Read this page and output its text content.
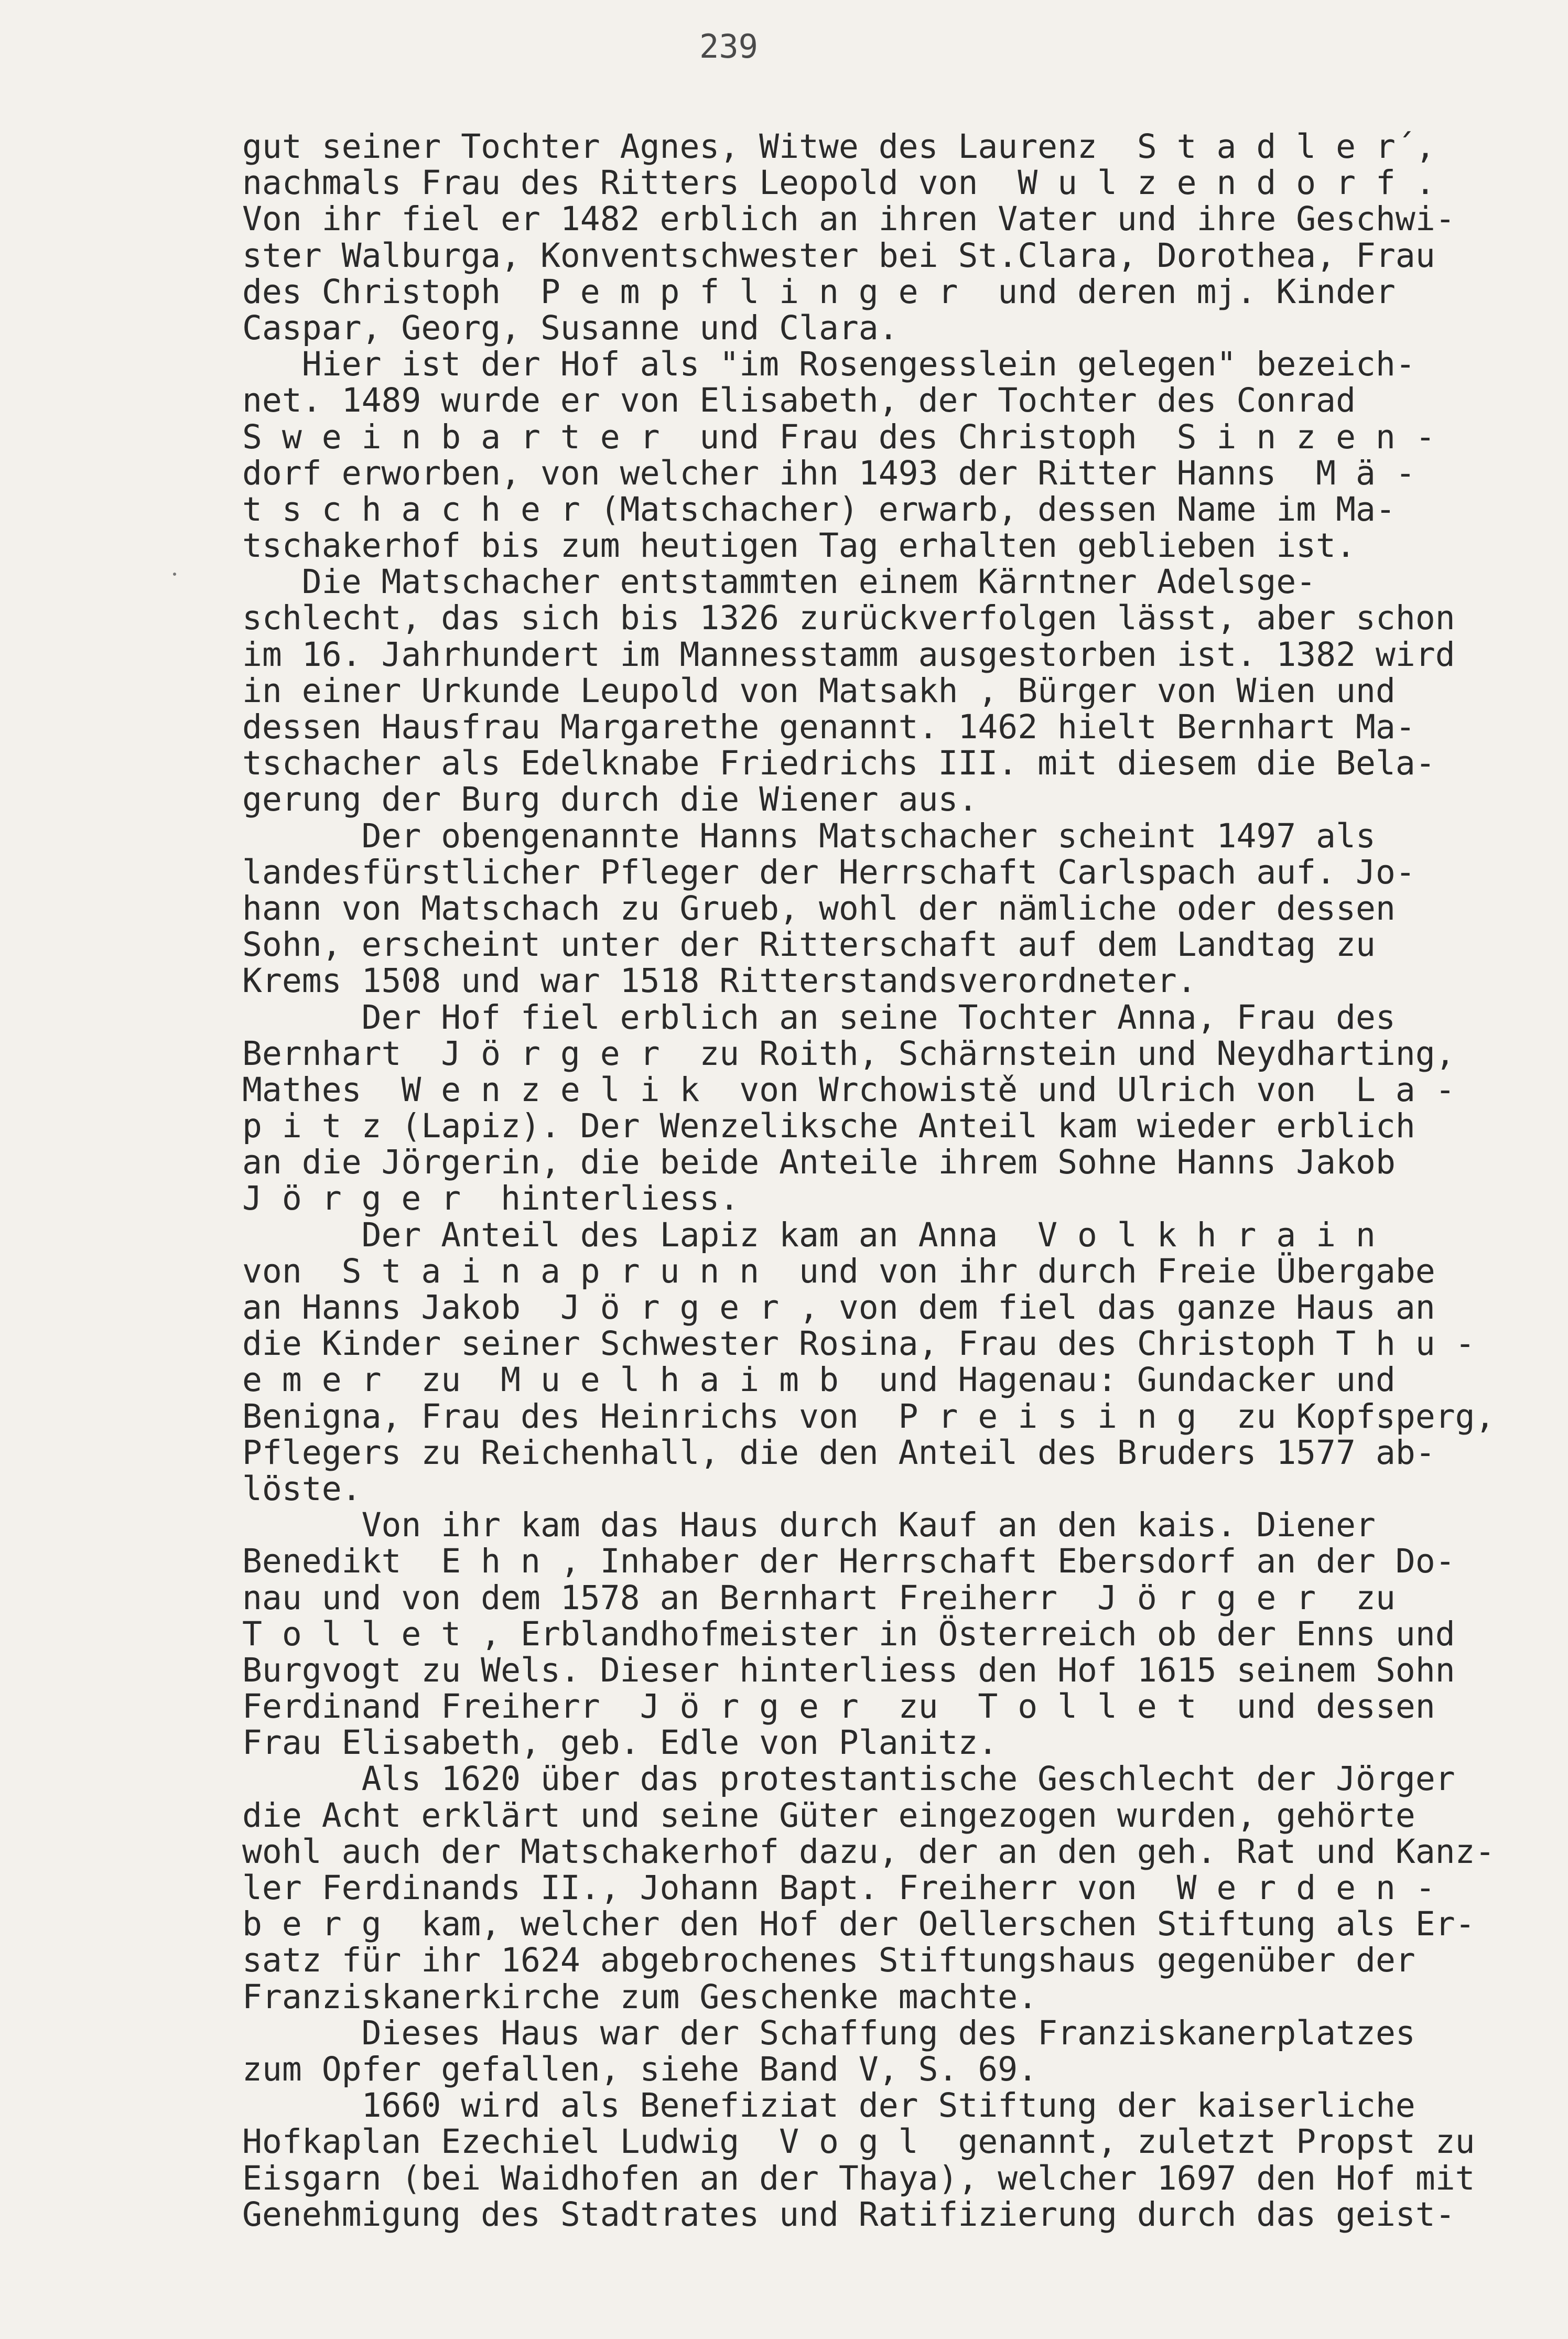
239
gut seiner Tochter Agnes, Witwe des Laurenz  S t a d l e r´,
nachmals Frau des Ritters Leopold von  W u l z e n d o r f .
Von ihr fiel er 1482 erblich an ihren Vater und ihre Geschwi-
ster Walburga, Konventschwester bei St.Clara, Dorothea, Frau
des Christoph  P e m p f l i n g e r  und deren mj. Kinder
Caspar, Georg, Susanne und Clara.
Hier ist der Hof als "im Rosengesslein gelegen" bezeich-
net. 1489 wurde er von Elisabeth, der Tochter des Conrad
S w e i n b a r t e r  und Frau des Christoph  S i n z e n -
dorf erworben, von welcher ihn 1493 der Ritter Hanns  M ä -
t s c h a c h e r (Matschacher) erwarb, dessen Name im Ma-
tschakerhof bis zum heutigen Tag erhalten geblieben ist.
Die Matschacher entstammten einem Kärntner Adelsge-
schlecht, das sich bis 1326 zurückverfolgen lässt, aber schon
im 16. Jahrhundert im Mannesstamm ausgestorben ist. 1382 wird
in einer Urkunde Leupold von Matsakh , Bürger von Wien und
dessen Hausfrau Margarethe genannt. 1462 hielt Bernhart Ma-
tschacher als Edelknabe Friedrichs III. mit diesem die Bela-
gerung der Burg durch die Wiener aus.
Der obengenannte Hanns Matschacher scheint 1497 als
landesfürstlicher Pfleger der Herrschaft Carlspach auf. Jo-
hann von Matschach zu Grueb, wohl der nämliche oder dessen
Sohn, erscheint unter der Ritterschaft auf dem Landtag zu
Krems 1508 und war 1518 Ritterstandsverordneter.
Der Hof fiel erblich an seine Tochter Anna, Frau des
Bernhart  J ö r g e r  zu Roith, Schärnstein und Neydharting,
Mathes  W e n z e l i k  von Wrchowistě und Ulrich von  L a -
p i t z (Lapiz). Der Wenzeliksche Anteil kam wieder erblich
an die Jörgerin, die beide Anteile ihrem Sohne Hanns Jakob
J ö r g e r  hinterliess.
Der Anteil des Lapiz kam an Anna  V o l k h r a i n
von  S t a i n a p r u n n  und von ihr durch Freie Übergabe
an Hanns Jakob  J ö r g e r , von dem fiel das ganze Haus an
die Kinder seiner Schwester Rosina, Frau des Christoph T h u -
e m e r  zu  M u e l h a i m b  und Hagenau: Gundacker und
Benigna, Frau des Heinrichs von  P r e i s i n g  zu Kopfsperg,
Pflegers zu Reichenhall, die den Anteil des Bruders 1577 ab-
löste.
Von ihr kam das Haus durch Kauf an den kais. Diener
Benedikt  E h n , Inhaber der Herrschaft Ebersdorf an der Do-
nau und von dem 1578 an Bernhart Freiherr  J ö r g e r  zu
T o l l e t , Erblandhofmeister in Österreich ob der Enns und
Burgvogt zu Wels. Dieser hinterliess den Hof 1615 seinem Sohn
Ferdinand Freiherr  J ö r g e r  zu  T o l l e t  und dessen
Frau Elisabeth, geb. Edle von Planitz.
Als 1620 über das protestantische Geschlecht der Jörger
die Acht erklärt und seine Güter eingezogen wurden, gehörte
wohl auch der Matschakerhof dazu, der an den geh. Rat und Kanz-
ler Ferdinands II., Johann Bapt. Freiherr von  W e r d e n -
b e r g  kam, welcher den Hof der Oellerschen Stiftung als Er-
satz für ihr 1624 abgebrochenes Stiftungshaus gegenüber der
Franziskanerkirche zum Geschenke machte.
Dieses Haus war der Schaffung des Franziskanerplatzes
zum Opfer gefallen, siehe Band V, S. 69.
1660 wird als Benefiziat der Stiftung der kaiserliche
Hofkaplan Ezechiel Ludwig  V o g l  genannt, zuletzt Propst zu
Eisgarn (bei Waidhofen an der Thaya), welcher 1697 den Hof mit
Genehmigung des Stadtrates und Ratifizierung durch das geist-
